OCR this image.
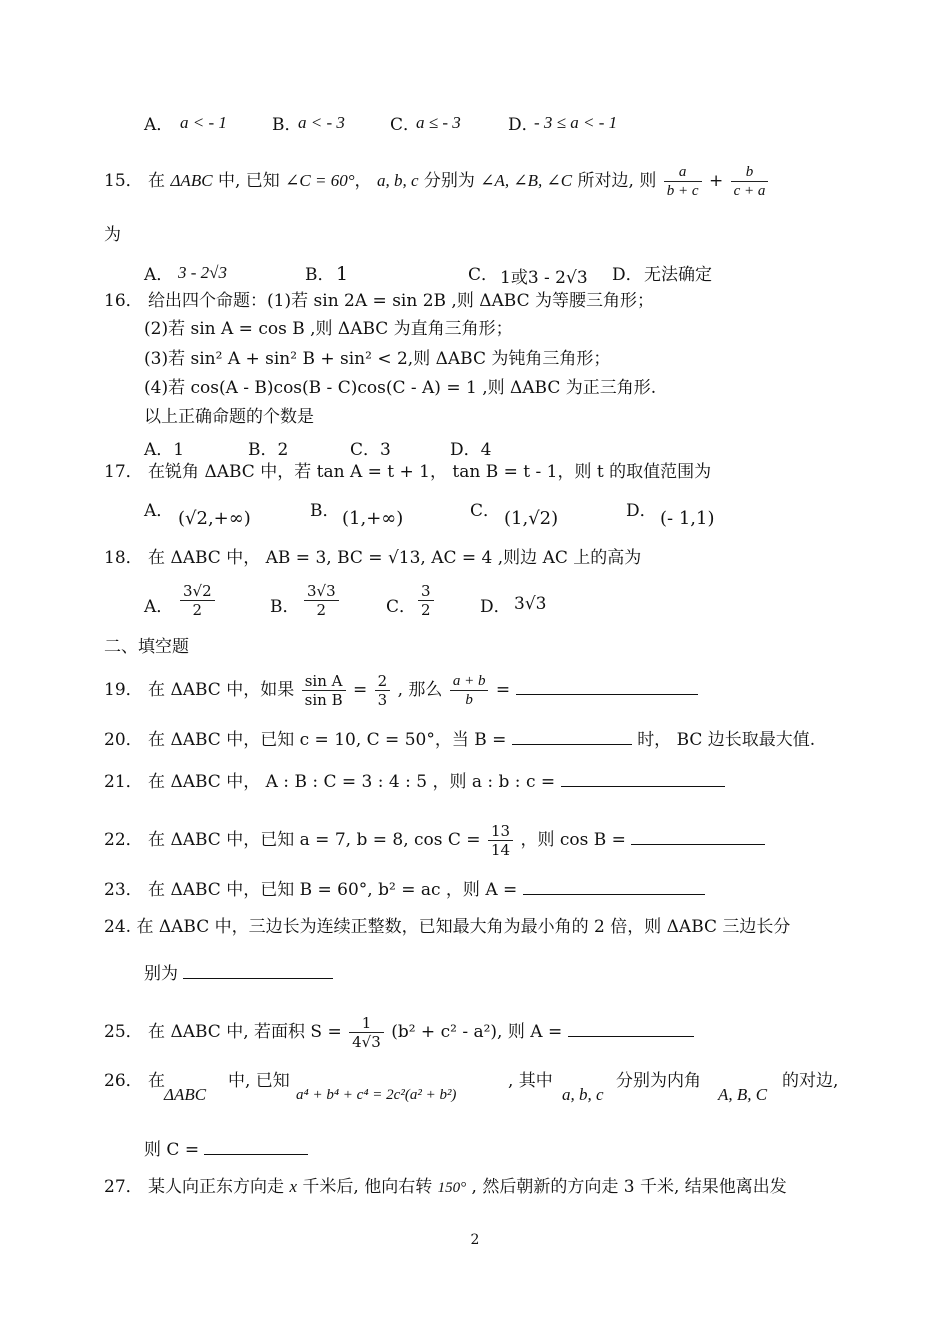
A． a < - 1	B．
a < - 3	C．
a ≤ - 3	D．
- 3 ≤ a < - 1
15． 在 ΔABC 中, 已知 ∠C = 60°， a, b, c 分别为 ∠A, ∠B, ∠C 所对边, 则 $\frac{a}{b + c} + \frac{b}{c + a}$
为
A． 3 - 2√3	B． 1	C． 1或3 - 2√3 D． 无法确定
16． 给出四个命题：(1)若 sin 2A = sin 2B ,则 ΔABC 为等腰三角形；
(2)若 sin A = cos B ,则 ΔABC 为直角三角形；
(3)若 sin² A + sin² B + sin² < 2,则 ΔABC 为钝角三角形；
(4)若 cos(A - B)cos(B - C)cos(C - A) = 1 ,则 ΔABC 为正三角形.
以上正确命题的个数是
A．1	B．2	C．3	D．4
17． 在锐角 ΔABC 中，若 tan A = t + 1， tan B = t - 1，则 t 的取值范围为
A． (√2,+∞)	B． (1,+∞)	C． (1,√2)	D． (- 1,1)
18． 在 ΔABC 中， AB = 3, BC = √13, AC = 4 ,则边 AC 上的高为
A． $\frac{3√2}{2}$	B． $\frac{3√3}{2}$	C． $\frac{3}{2}$	D． 3√3
二、填空题
19． 在 ΔABC 中，如果 $\frac{\text{sin A}}{\text{sin B}} = \frac{2}{3}$ , 那么 $\frac{a + b}{b}$ =
20． 在 ΔABC 中，已知 c = 10, C = 50°，当 B =	时， BC 边长取最大值.
21． 在 ΔABC 中， A : B : C = 3 : 4 : 5 ，则 a : b : c =
22． 在 ΔABC 中，已知 a = 7, b = 8, $\cos C = \frac{13}{14}$ ，则 cos B =
23． 在 ΔABC 中，已知 B = 60°, b² = ac ，则 A =
24. 在 ΔABC 中，三边长为连续正整数，已知最大角为最小角的 2 倍，则 ΔABC 三边长分
别为
25． 在 ΔABC 中, 若面积 $S = \frac{1}{4√3} (b^2 + c^2 - a^2)$, 则 A =
26． 在
ΔABC
中, 已知
a⁴ + b⁴ + c⁴ = 2c²(a² + b²)
, 其中
a, b, c
分别为内角
A, B, C
的对边,
则 C =
27． 某人向正东方向走 x 千米后, 他向右转 150° , 然后朝新的方向走 3 千米, 结果他离出发
2
